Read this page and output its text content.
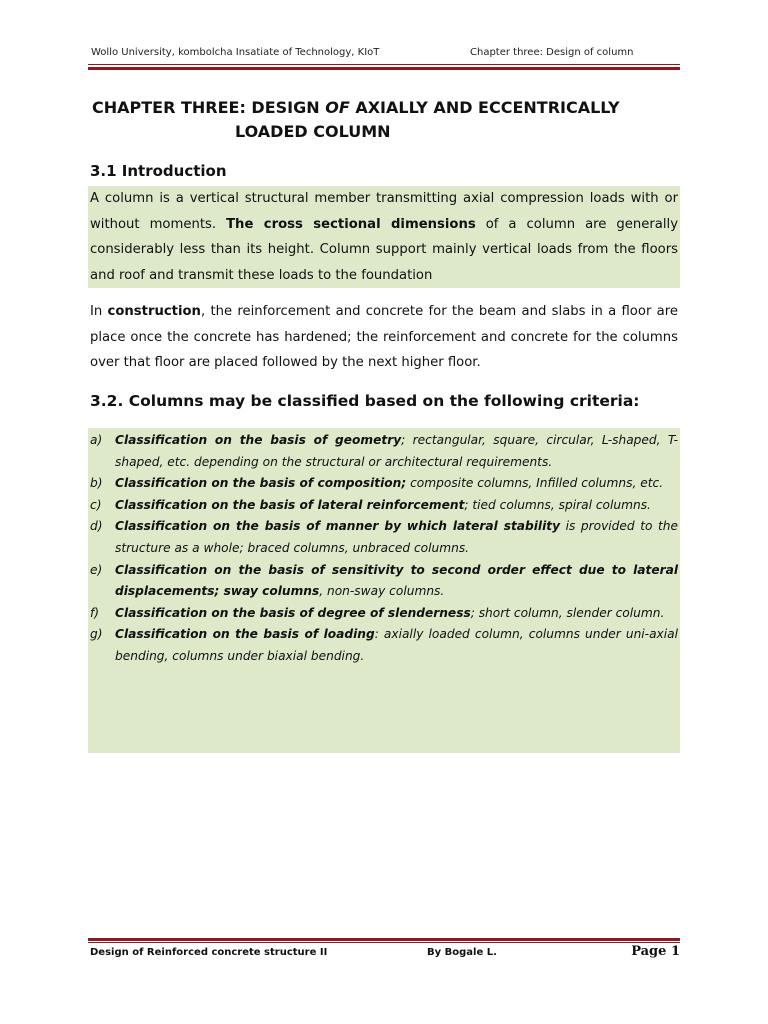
Wollo University, kombolcha Insatiate of Technology, KIoT	Chapter three: Design of column
CHAPTER THREE: DESIGN OF AXIALLY AND ECCENTRICALLY
LOADED COLUMN
3.1 Introduction
A column is a vertical structural member transmitting axial compression loads with or without moments. The cross sectional dimensions of a column are generally considerably less than its height. Column support mainly vertical loads from the floors and roof and transmit these loads to the foundation
In construction, the reinforcement and concrete for the beam and slabs in a floor are place once the concrete has hardened; the reinforcement and concrete for the columns over that floor are placed followed by the next higher floor.
3.2. Columns may be classified based on the following criteria:
a) Classification on the basis of geometry; rectangular, square, circular, L-shaped, T-shaped, etc. depending on the structural or architectural requirements.
b) Classification on the basis of composition; composite columns, Infilled columns, etc.
c) Classification on the basis of lateral reinforcement; tied columns, spiral columns.
d) Classification on the basis of manner by which lateral stability is provided to the structure as a whole; braced columns, unbraced columns.
e) Classification on the basis of sensitivity to second order effect due to lateral displacements; sway columns, non-sway columns.
f) Classification on the basis of degree of slenderness; short column, slender column.
g) Classification on the basis of loading: axially loaded column, columns under uni-axial bending, columns under biaxial bending.
Design of Reinforced concrete structure II	By Bogale L.	Page 1
